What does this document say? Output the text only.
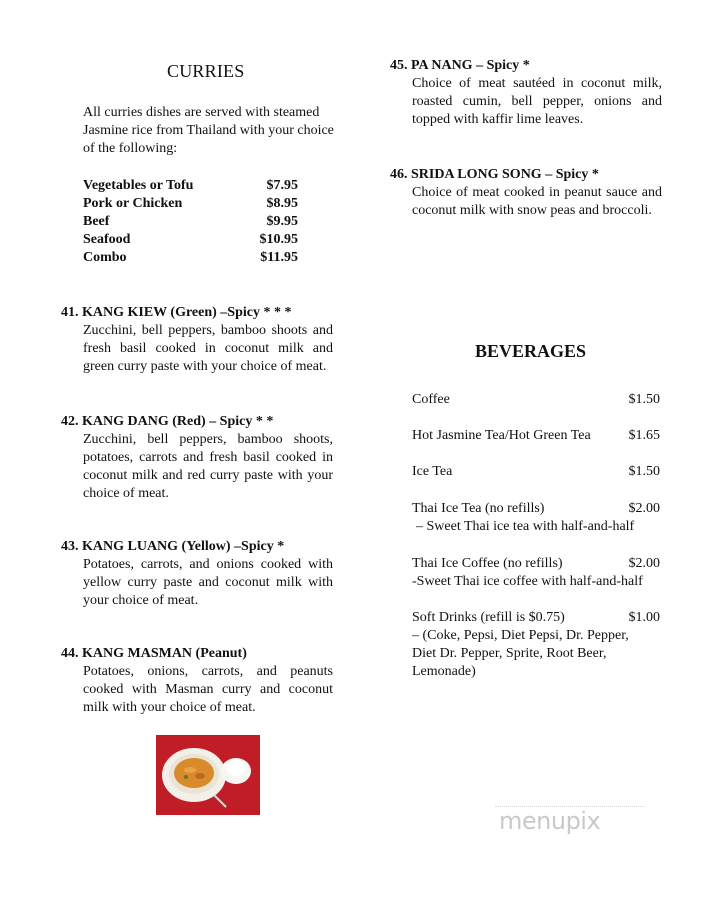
CURRIES
All curries dishes are served with steamed Jasmine rice from Thailand with your choice of the following:
Vegetables or Tofu	$7.95
Pork or Chicken	$8.95
Beef	$9.95
Seafood	$10.95
Combo	$11.95
41. KANG KIEW (Green) –Spicy * * *
Zucchini, bell peppers, bamboo shoots and fresh basil cooked in coconut milk and green curry paste with your choice of meat.
42. KANG DANG (Red) – Spicy * *
Zucchini, bell peppers, bamboo shoots, potatoes, carrots and fresh basil cooked in coconut milk and red curry paste with your choice of meat.
43. KANG LUANG (Yellow) –Spicy *
Potatoes, carrots, and onions cooked with yellow curry paste and coconut milk with your choice of meat.
44. KANG MASMAN (Peanut)
Potatoes, onions, carrots, and peanuts cooked with Masman curry and coconut milk with your choice of meat.
45. PA NANG – Spicy *
Choice of meat sautéed in coconut milk, roasted cumin, bell pepper, onions and topped with kaffir lime leaves.
46. SRIDA LONG SONG – Spicy *
Choice of meat cooked in peanut sauce and coconut milk with snow peas and broccoli.
BEVERAGES
Coffee	$1.50
Hot Jasmine Tea/Hot Green Tea	$1.65
Ice Tea	$1.50
Thai Ice Tea (no refills)	$2.00
– Sweet Thai ice tea with half-and-half
Thai Ice Coffee (no refills)	$2.00
-Sweet Thai ice coffee with half-and-half
Soft Drinks (refill is $0.75)	$1.00
– (Coke, Pepsi, Diet Pepsi, Dr. Pepper, Diet Dr. Pepper, Sprite, Root Beer, Lemonade)
menupix
